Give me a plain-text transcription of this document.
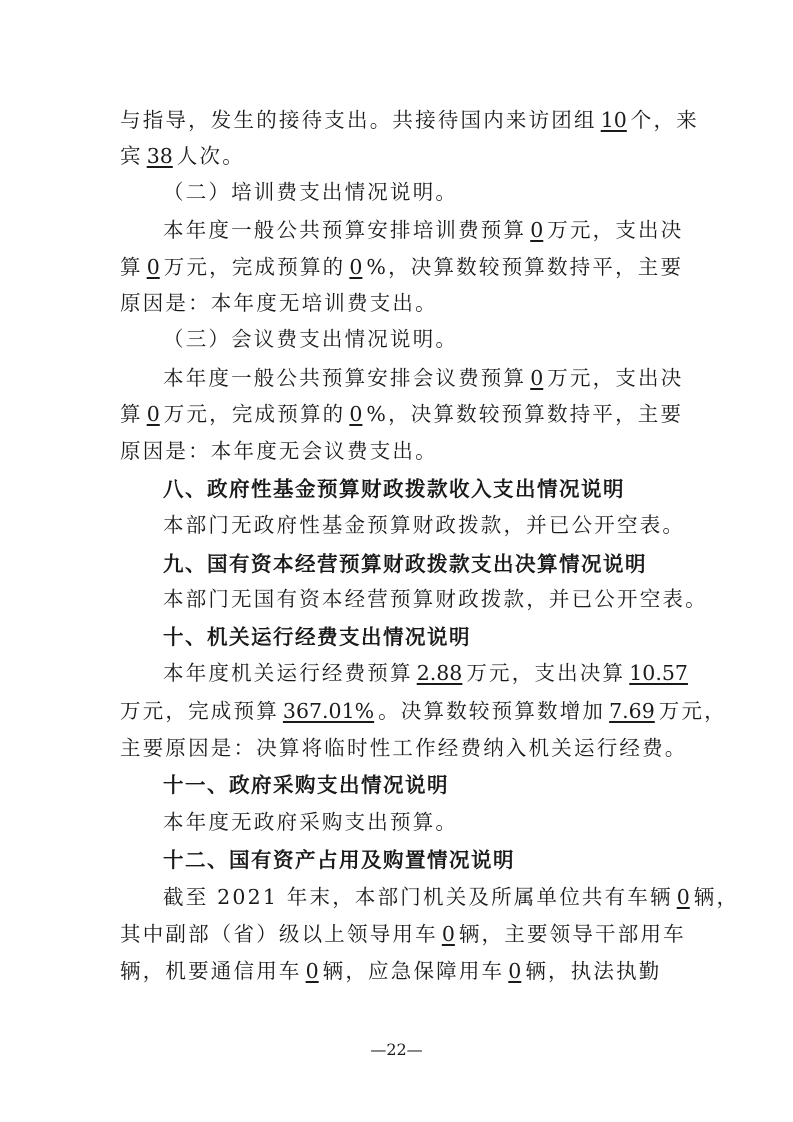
与指导，发生的接待支出。共接待国内来访团组 10 个，来
宾 38 人次。
（二）培训费支出情况说明。
本年度一般公共预算安排培训费预算 0 万元，支出决
算 0 万元，完成预算的 0 %，决算数较预算数持平，主要
原因是：本年度无培训费支出。
（三）会议费支出情况说明。
本年度一般公共预算安排会议费预算 0 万元，支出决
算 0 万元，完成预算的 0 %，决算数较预算数持平，主要
原因是：本年度无会议费支出。
八、政府性基金预算财政拨款收入支出情况说明
本部门无政府性基金预算财政拨款，并已公开空表。
九、国有资本经营预算财政拨款支出决算情况说明
本部门无国有资本经营预算财政拨款，并已公开空表。
十、机关运行经费支出情况说明
本年度机关运行经费预算 2.88 万元，支出决算 10.57
万元，完成预算 367.01% 。决算数较预算数增加 7.69 万元，
主要原因是：决算将临时性工作经费纳入机关运行经费。
十一、政府采购支出情况说明
本年度无政府采购支出预算。
十二、国有资产占用及购置情况说明
截至 2021 年末，本部门机关及所属单位共有车辆 0 辆，
其中副部（省）级以上领导用车 0 辆，主要领导干部用车
辆，机要通信用车 0 辆，应急保障用车 0 辆，执法执勤
—22—
